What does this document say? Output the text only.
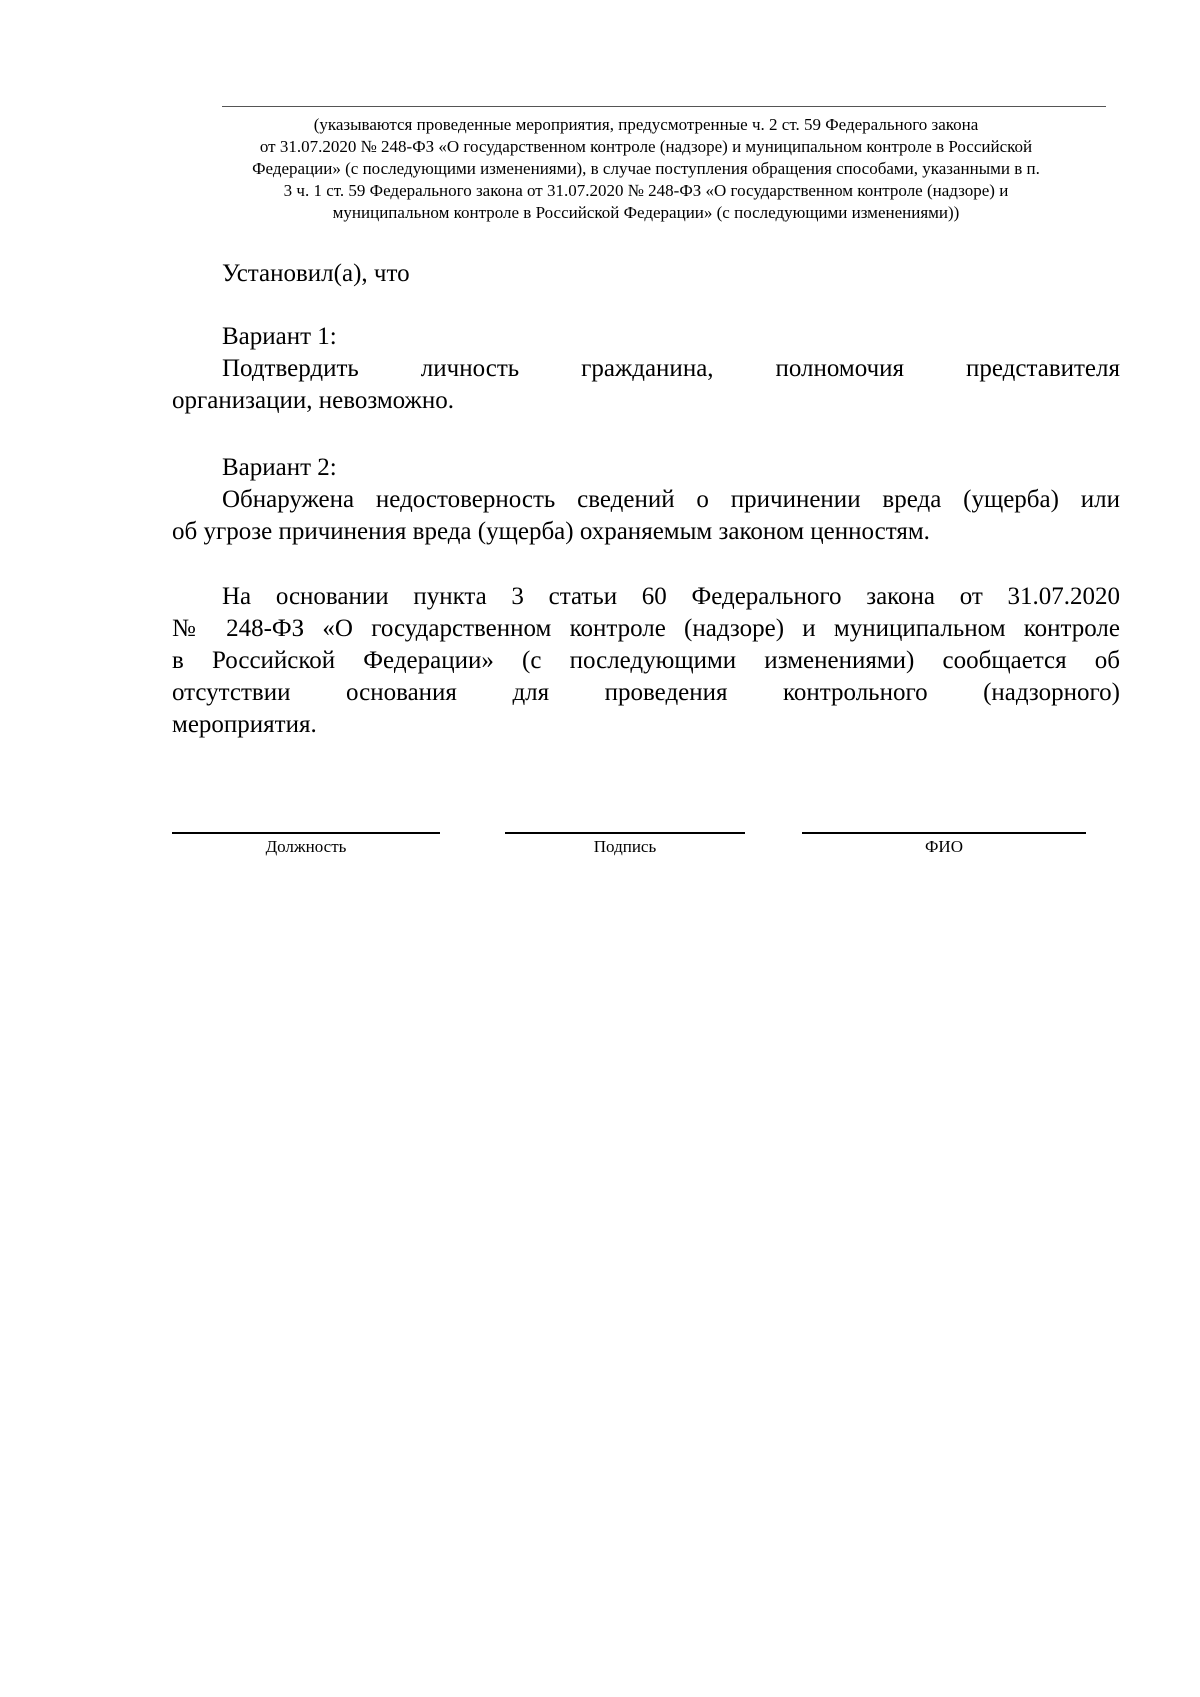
(указываются проведенные мероприятия, предусмотренные ч. 2 ст. 59 Федерального закона
от 31.07.2020 № 248-ФЗ «О государственном контроле (надзоре) и муниципальном контроле в Российской
Федерации» (с последующими изменениями), в случае поступления обращения способами, указанными в п.
3 ч. 1 ст. 59 Федерального закона от 31.07.2020 № 248-ФЗ «О государственном контроле (надзоре) и
муниципальном контроле в Российской Федерации» (с последующими изменениями))
Установил(а), что
Вариант 1:
Подтвердить личность гражданина, полномочия представителя
организации, невозможно.
Вариант 2:
Обнаружена недостоверность сведений о причинении вреда (ущерба) или
об угрозе причинения вреда (ущерба) охраняемым законом ценностям.
На основании пункта 3 статьи 60 Федерального закона от 31.07.2020
№ 248-ФЗ «О государственном контроле (надзоре) и муниципальном контроле
в Российской Федерации» (с последующими изменениями) сообщается об
отсутствии основания для проведения контрольного (надзорного)
мероприятия.
Должность	Подпись	ФИО
